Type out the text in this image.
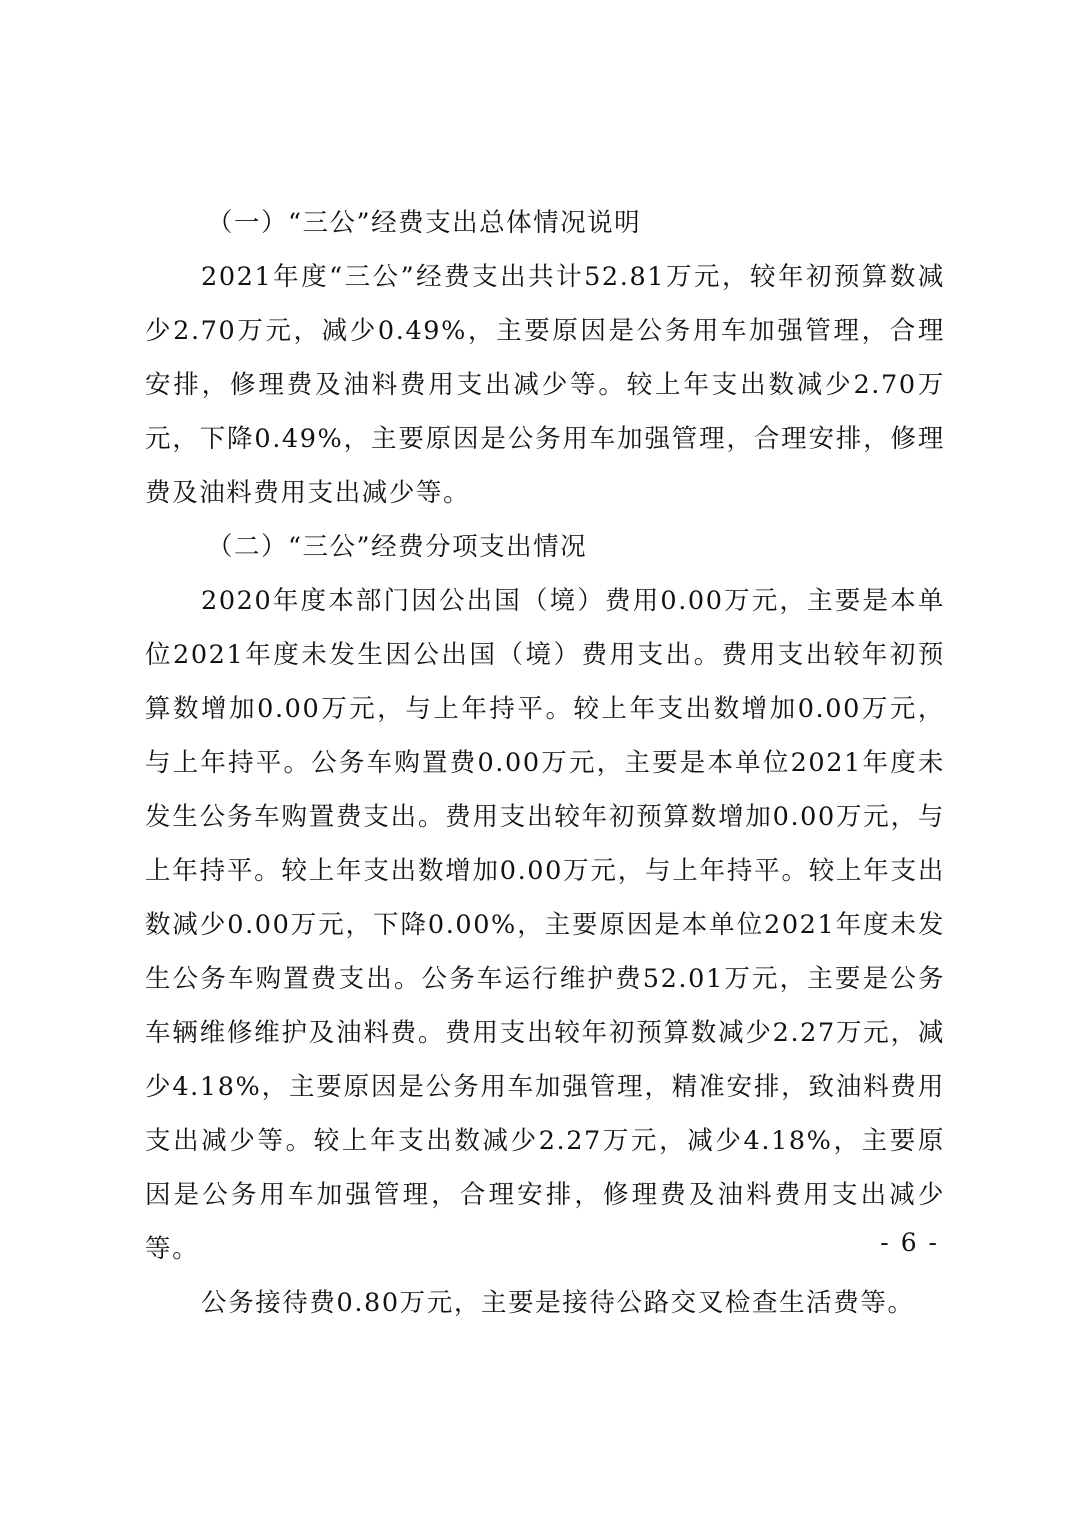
（一）“三公”经费支出总体情况说明

2021年度“三公”经费支出共计52.81万元，较年初预算数减少2.70万元，减少0.49%，主要原因是公务用车加强管理，合理安排，修理费及油料费用支出减少等。较上年支出数减少2.70万元，下降0.49%，主要原因是公务用车加强管理，合理安排，修理费及油料费用支出减少等。

（二）“三公”经费分项支出情况

2020年度本部门因公出国（境）费用0.00万元，主要是本单位2021年度未发生因公出国（境）费用支出。费用支出较年初预算数增加0.00万元，与上年持平。较上年支出数增加0.00万元，与上年持平。公务车购置费0.00万元，主要是本单位2021年度未发生公务车购置费支出。费用支出较年初预算数增加0.00万元，与上年持平。较上年支出数增加0.00万元，与上年持平。较上年支出数减少0.00万元，下降0.00%，主要原因是本单位2021年度未发生公务车购置费支出。公务车运行维护费52.01万元，主要是公务车辆维修维护及油料费。费用支出较年初预算数减少2.27万元，减少4.18%，主要原因是公务用车加强管理，精准安排，致油料费用支出减少等。较上年支出数减少2.27万元，减少4.18%，主要原因是公务用车加强管理，合理安排，修理费及油料费用支出减少等。

公务接待费0.80万元，主要是接待公路交叉检查生活费等。

- 6 -
